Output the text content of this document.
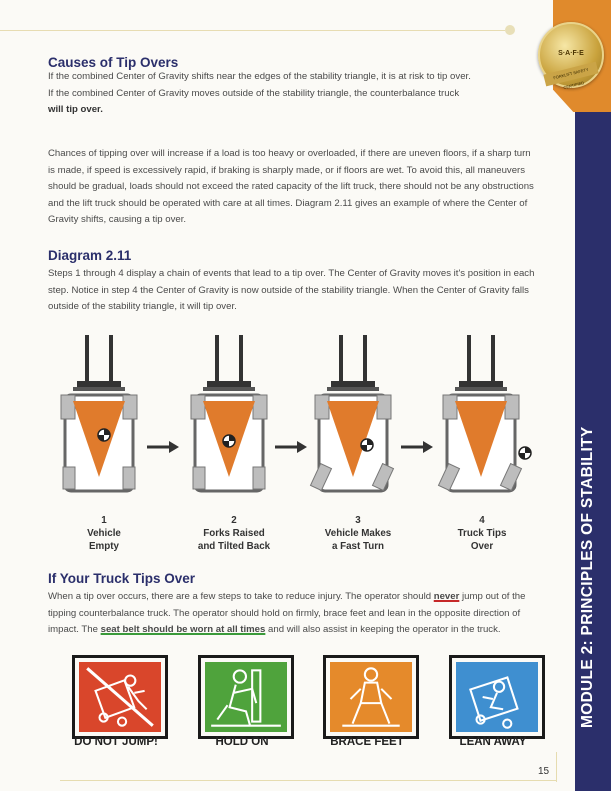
MODULE 2: PRINCIPLES OF STABILITY
S·A·F·E
FORKLIFT SAFETY CERTIFIED
Causes of Tip Overs
If the combined Center of Gravity shifts near the edges of the stability triangle, it is at risk to tip over.
If the combined Center of Gravity moves outside of the stability triangle, the counterbalance truck
will tip over.
Chances of tipping over will increase if a load is too heavy or overloaded, if there are uneven floors, if a sharp turn is made, if speed is excessively rapid, if braking is sharply made, or if floors are wet. To avoid this, all maneuvers should be gradual, loads should not exceed the rated capacity of the lift truck, there should not be any obstructions and the lift truck should be operated with care at all times. Diagram 2.11 gives an example of where the Center of Gravity shifts, causing a tip over.
Diagram 2.11
Steps 1 through 4 display a chain of events that lead to a tip over. The Center of Gravity moves it's position in each step. Notice in step 4 the Center of Gravity is now outside of the stability triangle. When the Center of Gravity falls outside of the stability triangle, it will tip over.
1
Vehicle
Empty
2
Forks Raised
and Tilted Back
3
Vehicle Makes
a Fast Turn
4
Truck Tips
Over
If Your Truck Tips Over
When a tip over occurs, there are a few steps to take to reduce injury. The operator should never jump out of the tipping counterbalance truck. The operator should hold on firmly, brace feet and lean in the opposite direction of impact. The seat belt should be worn at all times and will also assist in keeping the operator in the truck.
DO NOT JUMP!	HOLD ON	BRACE FEET	LEAN AWAY
15
